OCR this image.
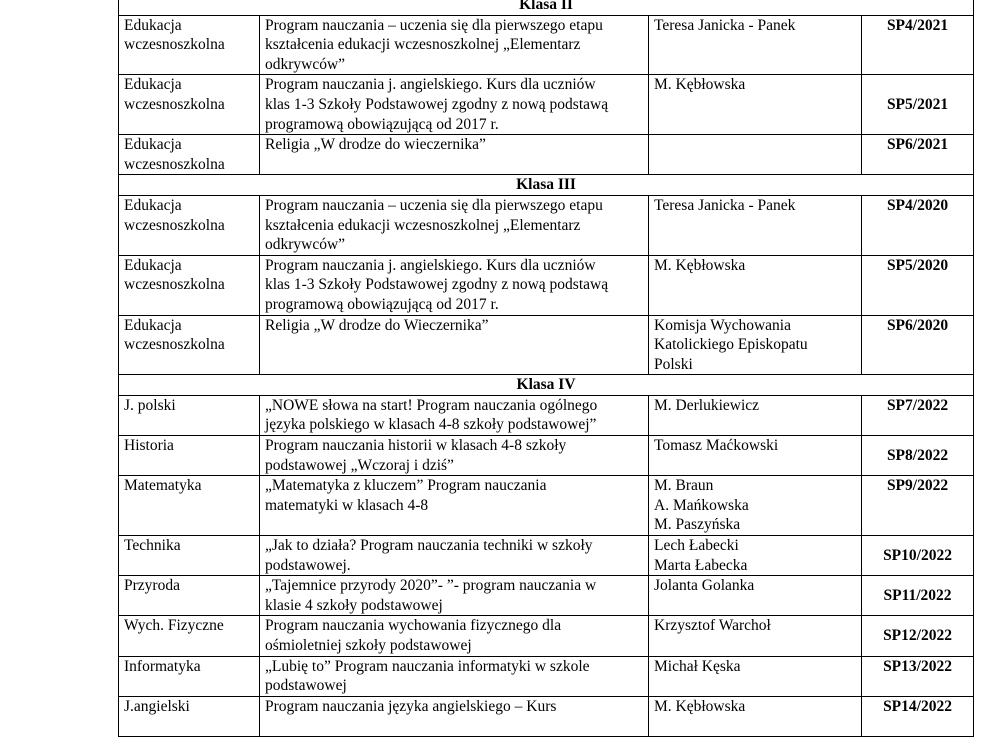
Klasa II			

Edukacja
wczesnoszkolna	Program nauczania – uczenia się dla pierwszego etapu
kształcenia edukacji wczesnoszkolnej „Elementarz
odkrywców”	Teresa Janicka - Panek	SP4/2021

Edukacja
wczesnoszkolna	Program nauczania j. angielskiego. Kurs dla uczniów
klas 1-3 Szkoły Podstawowej zgodny z nową podstawą
programową obowiązującą od 2017 r.	M. Kębłowska	SP5/2021

Edukacja
wczesnoszkolna	Religia „W drodze do wieczernika”		SP6/2021
Klasa III			

Edukacja
wczesnoszkolna	Program nauczania – uczenia się dla pierwszego etapu
kształcenia edukacji wczesnoszkolnej „Elementarz
odkrywców”	Teresa Janicka - Panek	SP4/2020

Edukacja
wczesnoszkolna	Program nauczania j. angielskiego. Kurs dla uczniów
klas 1-3 Szkoły Podstawowej zgodny z nową podstawą
programową obowiązującą od 2017 r.	M. Kębłowska	SP5/2020

Edukacja
wczesnoszkolna	Religia „W drodze do Wieczernika”	Komisja Wychowania
Katolickiego Episkopatu
Polski	SP6/2020
Klasa IV			

J. polski	„NOWE słowa na start! Program nauczania ogólnego
języka polskiego w klasach 4-8 szkoły podstawowej”	M. Derlukiewicz	SP7/2022

Historia	Program nauczania historii w klasach 4-8 szkoły
podstawowej „Wczoraj i dziś”	Tomasz Maćkowski	SP8/2022

Matematyka	„Matematyka z kluczem” Program nauczania
matematyki w klasach 4-8	M. Braun
A. Mańkowska
M. Paszyńska	SP9/2022

Technika	„Jak to działa? Program nauczania techniki w szkoły
podstawowej.	Lech Łabecki
Marta Łabecka	SP10/2022

Przyroda	„Tajemnice przyrody 2020”- ”- program nauczania w
klasie 4 szkoły podstawowej	Jolanta Golanka	SP11/2022

Wych. Fizyczne	Program nauczania wychowania fizycznego dla
ośmioletniej szkoły podstawowej	Krzysztof Warchoł	SP12/2022

Informatyka	„Lubię to” Program nauczania informatyki w szkole
podstawowej	Michał Kęska	SP13/2022

J.angielski	Program nauczania języka angielskiego – Kurs	M. Kębłowska	SP14/2022
